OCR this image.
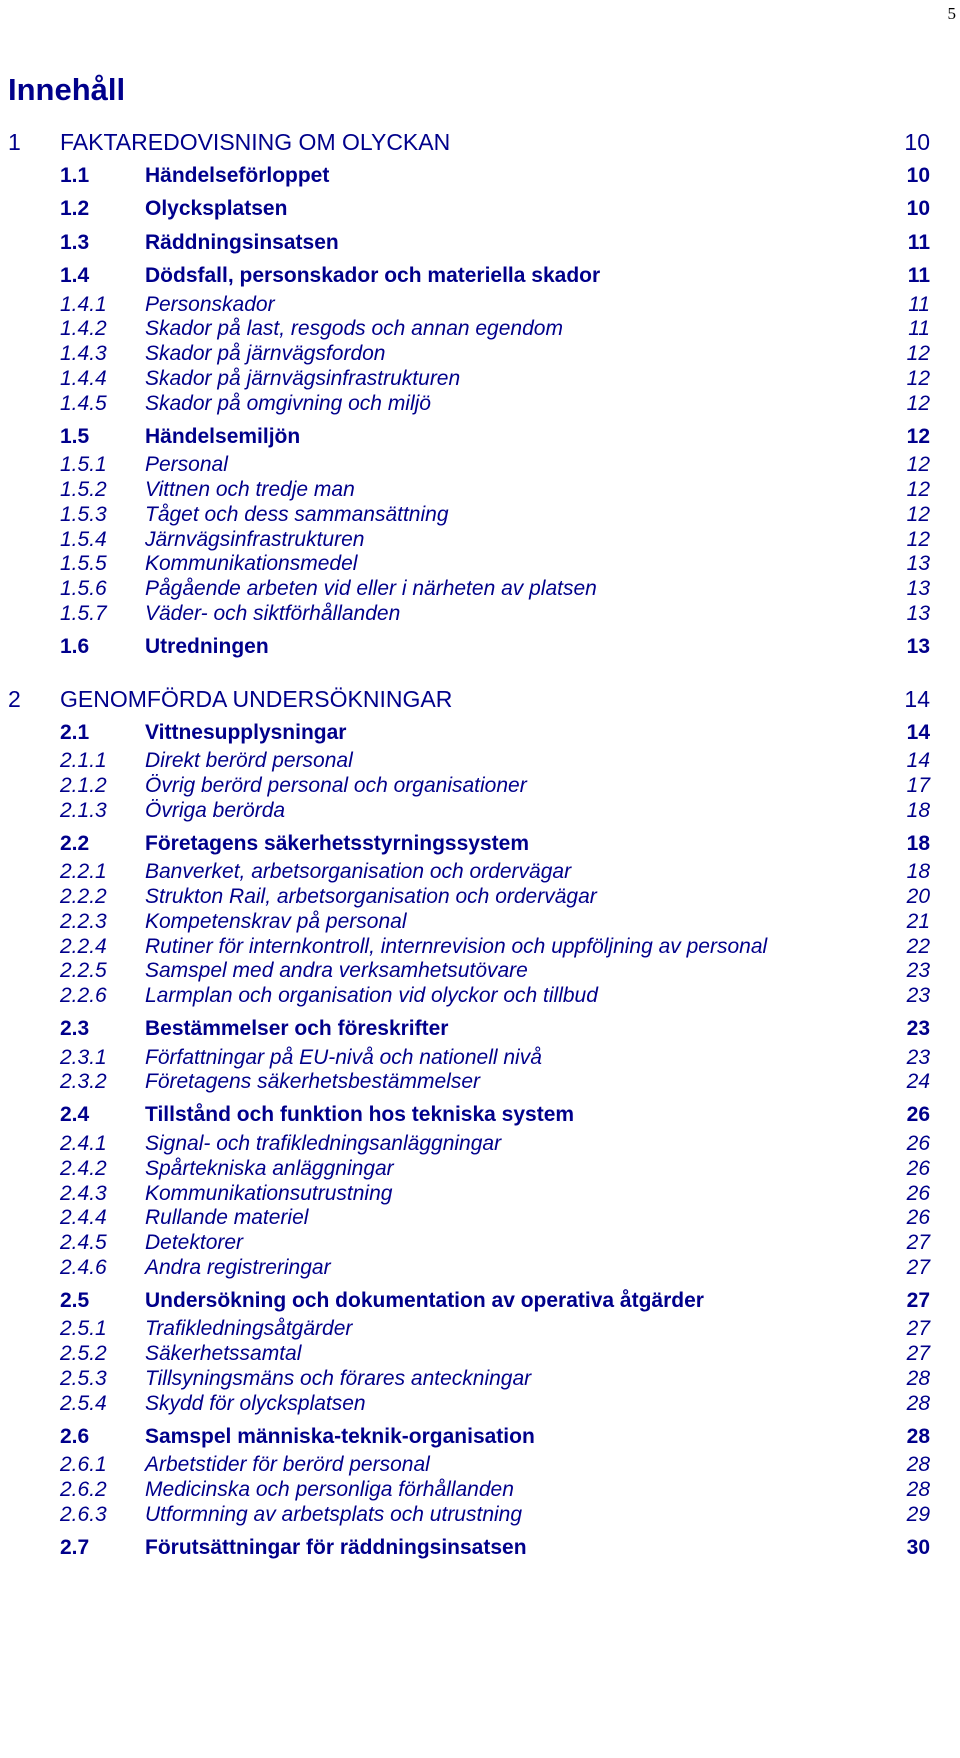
5
Innehåll
1 FAKTAREDOVISNING OM OLYCKAN	10
1.1	Händelseförloppet	10
1.2	Olycksplatsen	10
1.3	Räddningsinsatsen	11
1.4	Dödsfall, personskador och materiella skador	11
1.4.1 Personskador	11
1.4.2 Skador på last, resgods och annan egendom	11
1.4.3 Skador på järnvägsfordon	12
1.4.4 Skador på järnvägsinfrastrukturen	12
1.4.5 Skador på omgivning och miljö	12
1.5	Händelsemiljön	12
1.5.1 Personal	12
1.5.2 Vittnen och tredje man	12
1.5.3 Tåget och dess sammansättning	12
1.5.4 Järnvägsinfrastrukturen	12
1.5.5 Kommunikationsmedel	13
1.5.6 Pågående arbeten vid eller i närheten av platsen	13
1.5.7 Väder- och siktförhållanden	13
1.6	Utredningen	13
2 GENOMFÖRDA UNDERSÖKNINGAR	14
2.1	Vittnesupplysningar	14
2.1.1 Direkt berörd personal	14
2.1.2 Övrig berörd personal och organisationer	17
2.1.3 Övriga berörda	18
2.2	Företagens säkerhetsstyrningssystem	18
2.2.1 Banverket, arbetsorganisation och ordervägar	18
2.2.2 Strukton Rail, arbetsorganisation och ordervägar	20
2.2.3 Kompetenskrav på personal	21
2.2.4 Rutiner för internkontroll, internrevision och uppföljning av personal	22
2.2.5 Samspel med andra verksamhetsutövare	23
2.2.6 Larmplan och organisation vid olyckor och tillbud	23
2.3	Bestämmelser och föreskrifter	23
2.3.1 Författningar på EU-nivå och nationell nivå	23
2.3.2 Företagens säkerhetsbestämmelser	24
2.4	Tillstånd och funktion hos tekniska system	26
2.4.1 Signal- och trafikledningsanläggningar	26
2.4.2 Spårtekniska anläggningar	26
2.4.3 Kommunikationsutrustning	26
2.4.4 Rullande materiel	26
2.4.5 Detektorer	27
2.4.6 Andra registreringar	27
2.5	Undersökning och dokumentation av operativa åtgärder	27
2.5.1 Trafikledningsåtgärder	27
2.5.2 Säkerhetssamtal	27
2.5.3 Tillsyningsmäns och förares anteckningar	28
2.5.4 Skydd för olycksplatsen	28
2.6	Samspel människa-teknik-organisation	28
2.6.1 Arbetstider för berörd personal	28
2.6.2 Medicinska och personliga förhållanden	28
2.6.3 Utformning av arbetsplats och utrustning	29
2.7	Förutsättningar för räddningsinsatsen	30
